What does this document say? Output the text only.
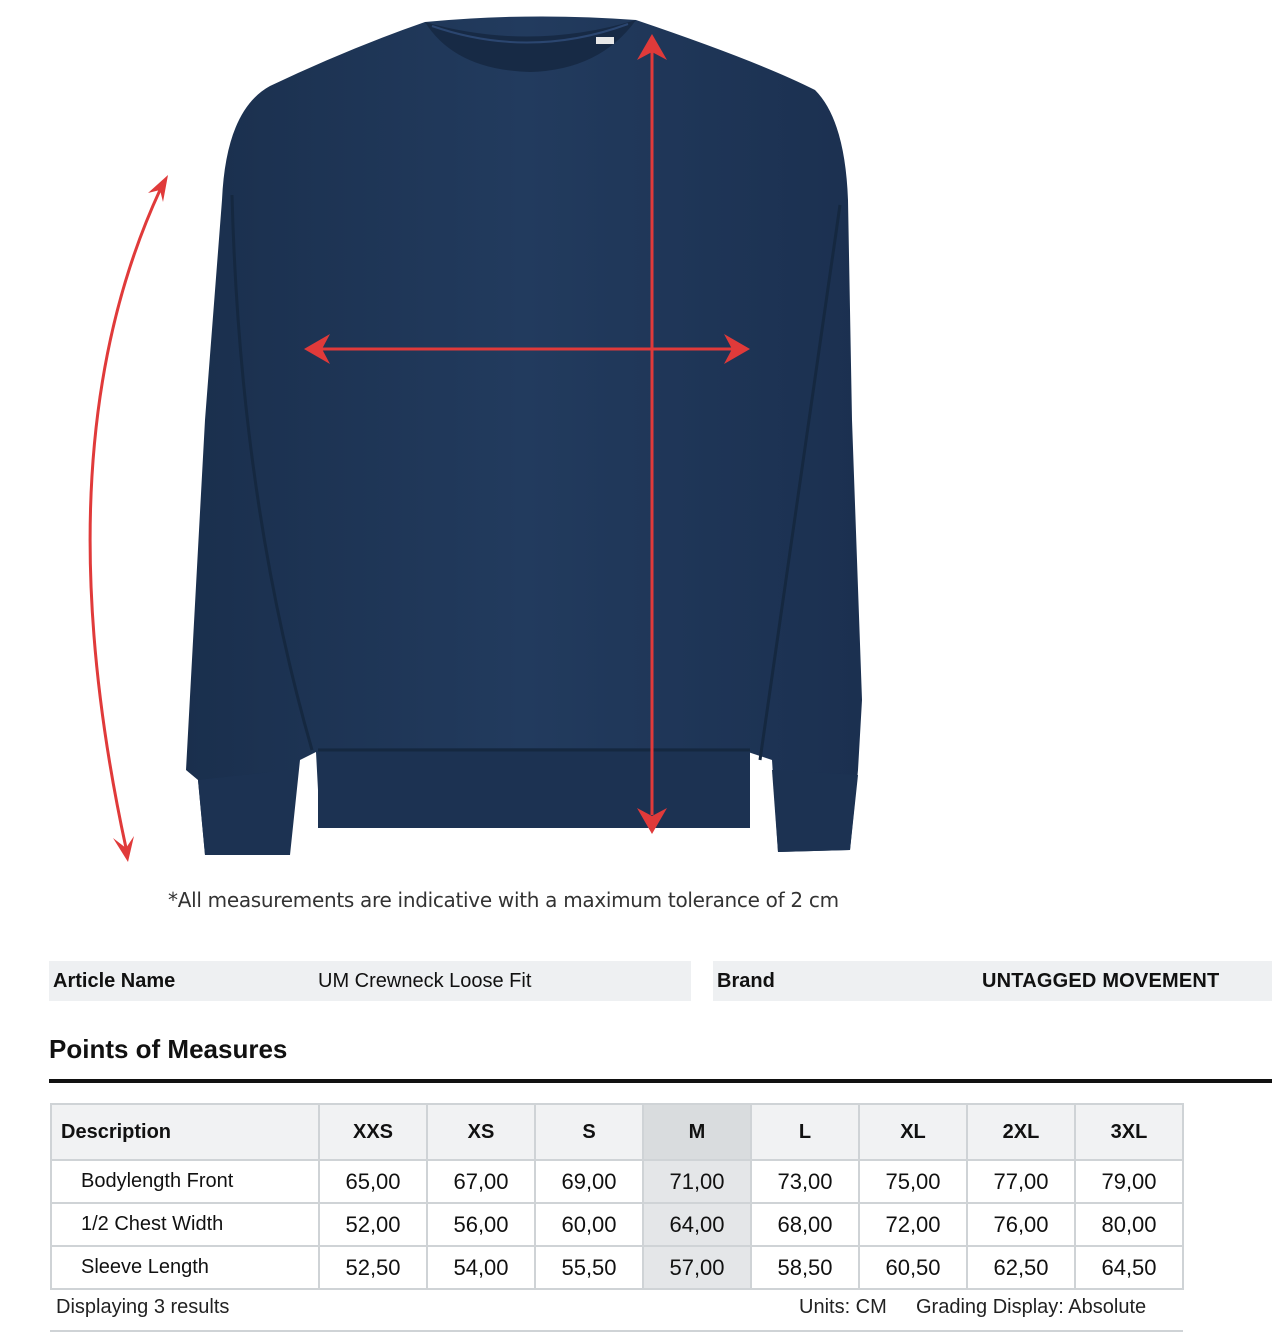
*All measurements are indicative with a maximum tolerance of 2 cm
Article Name	UM Crewneck Loose Fit	Brand	UNTAGGED MOVEMENT
Points of Measures
Description	XXS	XS	S	M	L	XL	2XL	3XL
Bodylength Front	65,00	67,00	69,00	71,00	73,00	75,00	77,00	79,00
1/2 Chest Width	52,00	56,00	60,00	64,00	68,00	72,00	76,00	80,00
Sleeve Length	52,50	54,00	55,50	57,00	58,50	60,50	62,50	64,50
Displaying 3 results	Units: CM Grading Display: Absolute
